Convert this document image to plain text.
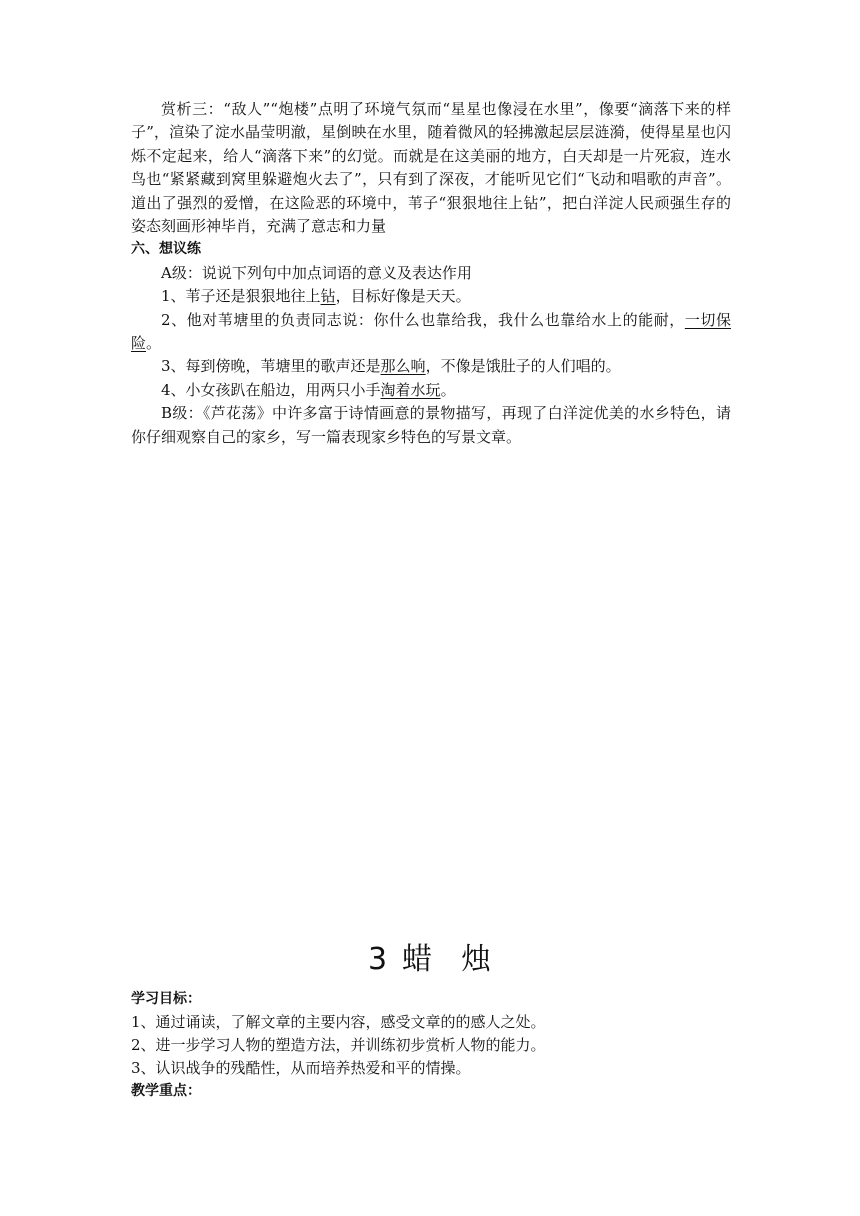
赏析三：“敌人”“炮楼”点明了环境气氛而“星星也像浸在水里”，像要“滴落下来的样子”，渲染了淀水晶莹明澈，星倒映在水里，随着微风的轻拂激起层层涟漪，使得星星也闪烁不定起来，给人“滴落下来”的幻觉。而就是在这美丽的地方，白天却是一片死寂，连水鸟也“紧紧藏到窝里躲避炮火去了”，只有到了深夜，才能听见它们“飞动和唱歌的声音”。道出了强烈的爱憎，在这险恶的环境中，苇子“狠狠地往上钻”，把白洋淀人民顽强生存的姿态刻画形神毕肖，充满了意志和力量

六、想议练

A级：说说下列句中加点词语的意义及表达作用

1、苇子还是狠狠地往上钻，目标好像是天天。

2、他对苇塘里的负责同志说：你什么也靠给我，我什么也靠给水上的能耐，一切保险。

3、每到傍晚，苇塘里的歌声还是那么响，不像是饿肚子的人们唱的。

4、小女孩趴在船边，用两只小手淘着水玩。

B级：《芦花荡》中许多富于诗情画意的景物描写，再现了白洋淀优美的水乡特色，请你仔细观察自己的家乡，写一篇表现家乡特色的写景文章。

3 蜡 烛

学习目标：

1、通过诵读，了解文章的主要内容，感受文章的的感人之处。

2、进一步学习人物的塑造方法，并训练初步赏析人物的能力。

3、认识战争的残酷性，从而培养热爱和平的情操。

教学重点：
